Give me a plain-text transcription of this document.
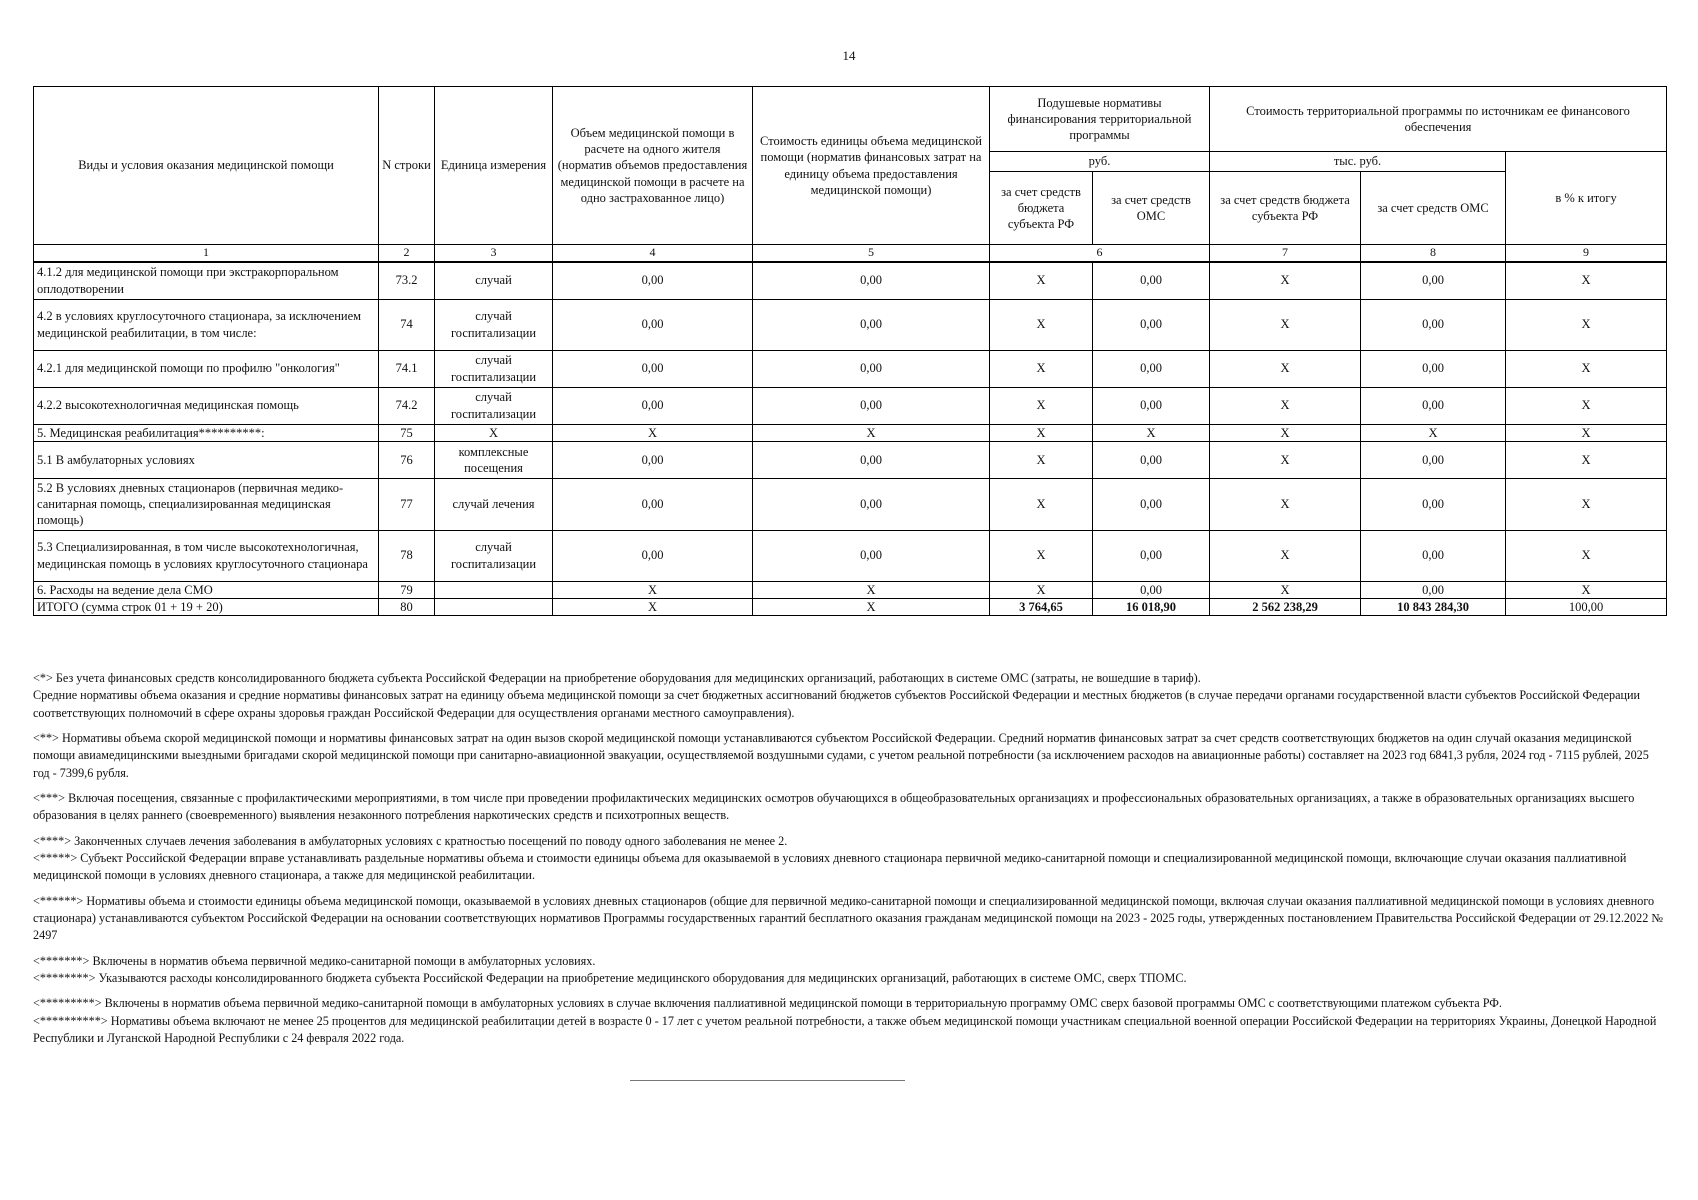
14
Виды и условия оказания медицинской помощи	N строки	Единица измерения	Объем медицинской помощи в расчете на одного жителя (норматив объемов предоставления медицинской помощи в расчете на одно застрахованное лицо)	Стоимость единицы объема медицинской помощи (норматив финансовых затрат на единицу объема предоставления медицинской помощи)	Подушевые нормативы финансирования территориальной программы		Стоимость территориальной программы по источникам ее финансового обеспечения		
					руб.		тыс. руб.		в % к итогу
					за счет средств бюджета субъекта РФ	за счет средств ОМС	за счет средств бюджета субъекта РФ	за счет средств ОМС	
1	2	3	4	5	6		7	8	9
4.1.2 для медицинской помощи при экстракорпоральном оплодотворении	73.2	случай	0,00	0,00	X	0,00	X	0,00	X
4.2 в условиях круглосуточного стационара, за исключением медицинской реабилитации, в том числе:	74	случай госпитализации	0,00	0,00	X	0,00	X	0,00	X
4.2.1 для медицинской помощи по профилю "онкология"	74.1	случай госпитализации	0,00	0,00	X	0,00	X	0,00	X
4.2.2 высокотехнологичная медицинская помощь	74.2	случай госпитализации	0,00	0,00	X	0,00	X	0,00	X
5. Медицинская реабилитация**********:	75	X	X	X	X	X	X	X	X
5.1 В амбулаторных условиях	76	комплексные посещения	0,00	0,00	X	0,00	X	0,00	X
5.2 В условиях дневных стационаров (первичная медико-санитарная помощь, специализированная медицинская помощь)	77	случай лечения	0,00	0,00	X	0,00	X	0,00	X
5.3 Специализированная, в том числе высокотехнологичная, медицинская помощь в условиях круглосуточного стационара	78	случай госпитализации	0,00	0,00	X	0,00	X	0,00	X
6. Расходы на ведение дела СМО	79		X	X	X	0,00	X	0,00	X
ИТОГО (сумма строк 01 + 19 + 20)	80		X	X	3 764,65	16 018,90	2 562 238,29	10 843 284,30	100,00

<*> Без учета финансовых средств консолидированного бюджета субъекта Российской Федерации на приобретение оборудования для медицинских организаций, работающих в системе ОМС (затраты, не вошедшие в тариф).

Средние нормативы объема оказания и средние нормативы финансовых затрат на единицу объема медицинской помощи за счет бюджетных ассигнований бюджетов субъектов Российской Федерации и местных бюджетов (в случае передачи органами государственной власти субъектов Российской Федерации соответствующих полномочий в сфере охраны здоровья граждан Российской Федерации для осуществления органами местного самоуправления).

<**> Нормативы объема скорой медицинской помощи и нормативы финансовых затрат на один вызов скорой медицинской помощи устанавливаются субъектом Российской Федерации. Средний норматив финансовых затрат за счет средств соответствующих бюджетов на один случай оказания медицинской помощи авиамедицинскими выездными бригадами скорой медицинской помощи при санитарно-авиационной эвакуации, осуществляемой воздушными судами, с учетом реальной потребности (за исключением расходов на авиационные работы) составляет на 2023 год 6841,3 рубля, 2024 год - 7115 рублей, 2025 год - 7399,6 рубля.

<***> Включая посещения, связанные с профилактическими мероприятиями, в том числе при проведении профилактических медицинских осмотров обучающихся в общеобразовательных организациях и профессиональных образовательных организациях, а также в образовательных организациях высшего образования в целях раннего (своевременного) выявления незаконного потребления наркотических средств и психотропных веществ.

<****> Законченных случаев лечения заболевания в амбулаторных условиях с кратностью посещений по поводу одного заболевания не менее 2.

<*****> Субъект Российской Федерации вправе устанавливать раздельные нормативы объема и стоимости единицы объема для оказываемой в условиях дневного стационара первичной медико-санитарной помощи и специализированной медицинской помощи, включающие случаи оказания паллиативной медицинской помощи в условиях дневного стационара, а также для медицинской реабилитации.

<******> Нормативы объема и стоимости единицы объема медицинской помощи, оказываемой в условиях дневных стационаров (общие для первичной медико-санитарной помощи и специализированной медицинской помощи, включая случаи оказания паллиативной медицинской помощи в условиях дневного стационара) устанавливаются субъектом Российской Федерации на основании соответствующих нормативов Программы государственных гарантий бесплатного оказания гражданам медицинской помощи на 2023 - 2025 годы, утвержденных постановлением Правительства Российской Федерации от 29.12.2022 № 2497

<*******> Включены в норматив объема первичной медико-санитарной помощи в амбулаторных условиях.

<********> Указываются расходы консолидированного бюджета субъекта Российской Федерации на приобретение медицинского оборудования для медицинских организаций, работающих в системе ОМС, сверх ТПОМС.

<*********> Включены в норматив объема первичной медико-санитарной помощи в амбулаторных условиях в случае включения паллиативной медицинской помощи в территориальную программу ОМС сверх базовой программы ОМС с соответствующими платежом субъекта РФ.

<**********> Нормативы объема включают не менее 25 процентов для медицинской реабилитации детей в возрасте 0 - 17 лет с учетом реальной потребности, а также объем медицинской помощи участникам специальной военной операции Российской Федерации на территориях Украины, Донецкой Народной Республики и Луганской Народной Республики с 24 февраля 2022 года.
